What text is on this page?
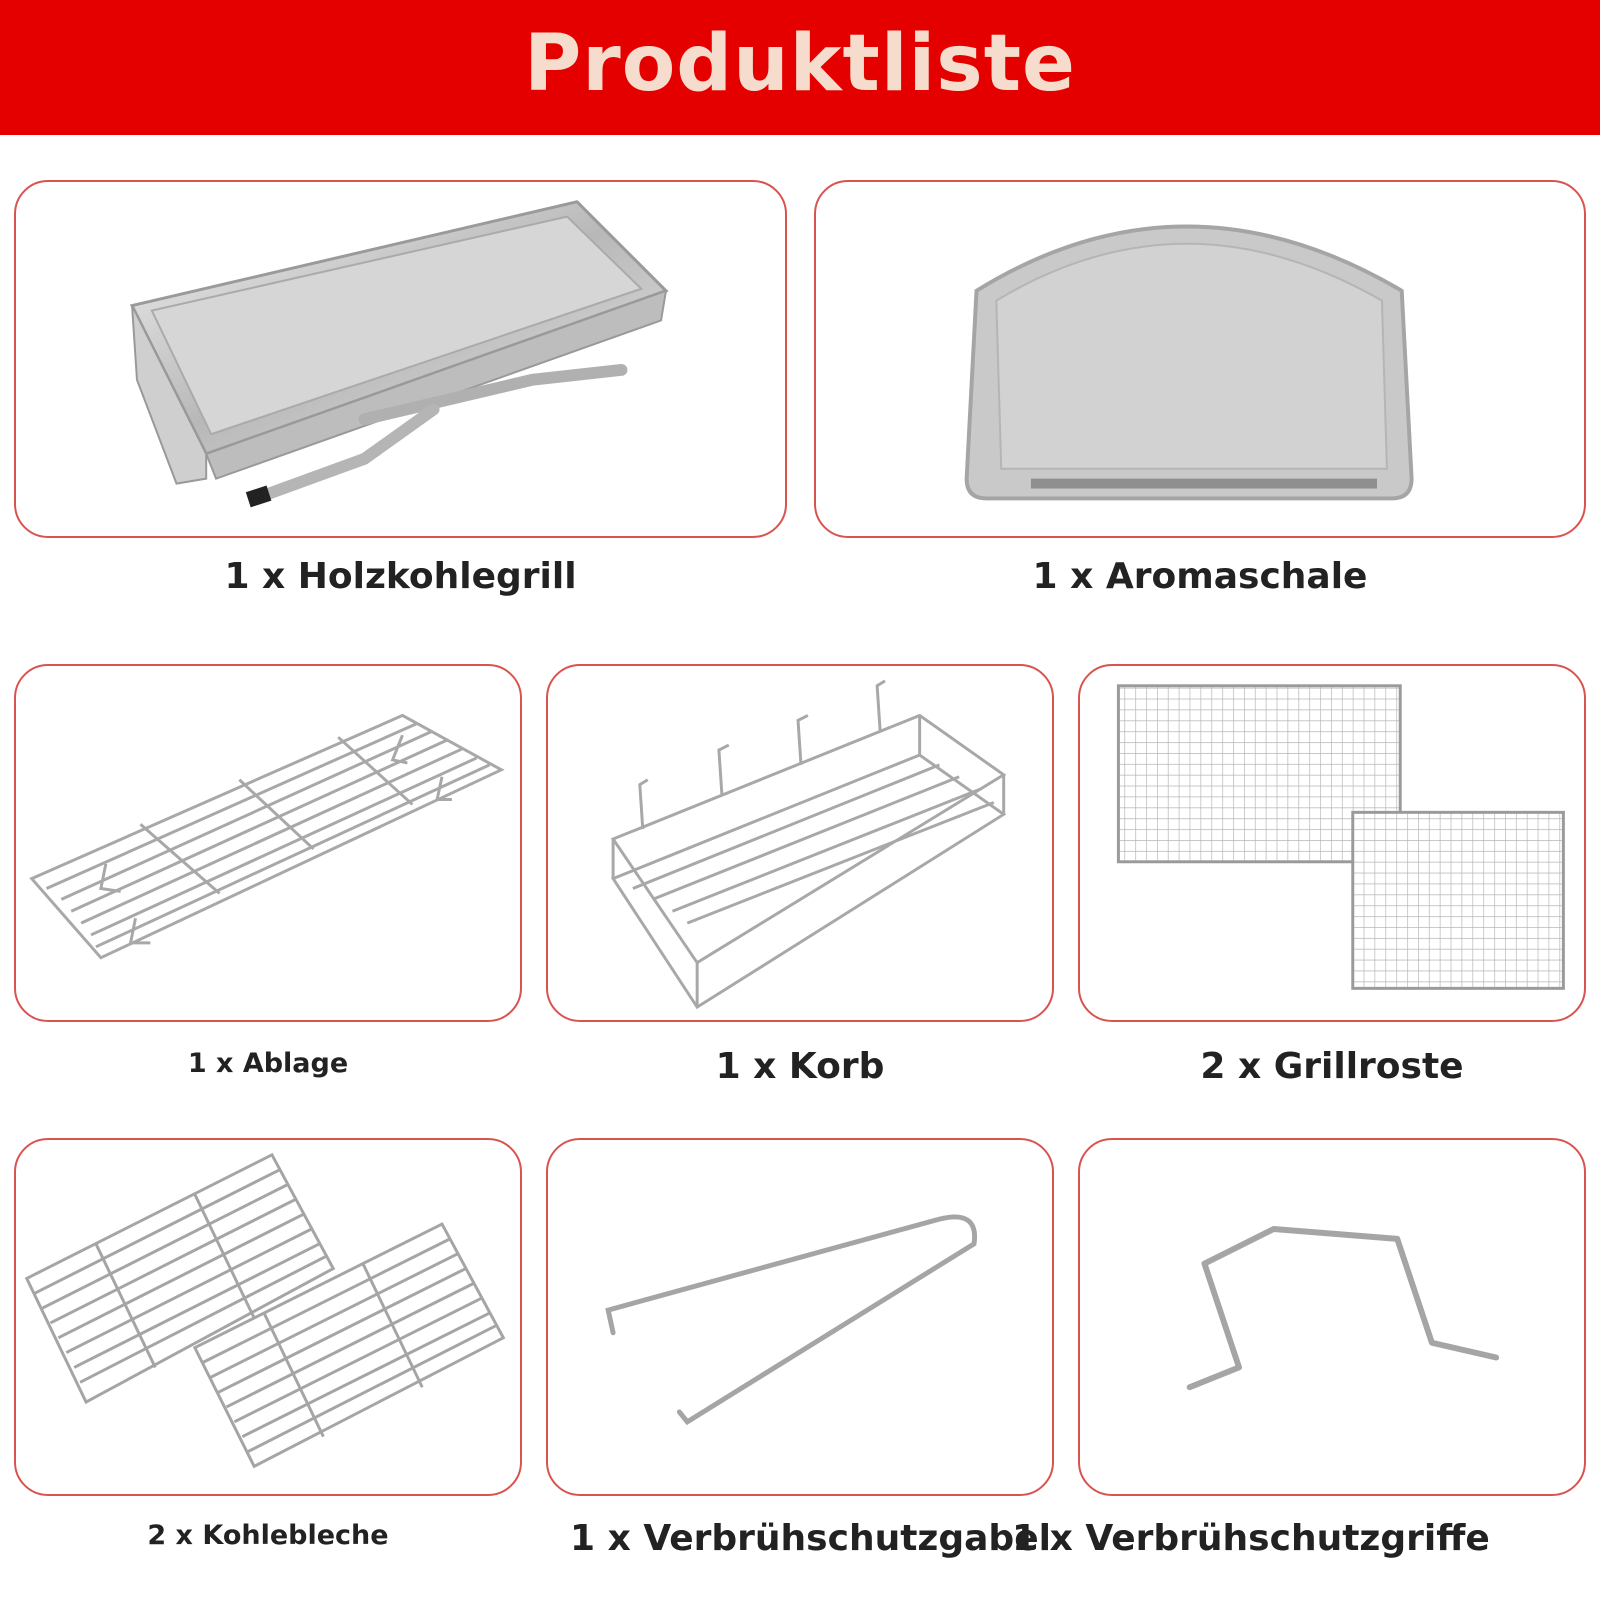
Produktliste
1 x Holzkohlegrill	1 x Aromaschale
1 x Ablage	1 x Korb	2 x Grillroste
2 x Kohlebleche	1 x Verbrühschutzgabel
1 x Verbrühschutzgriffe
